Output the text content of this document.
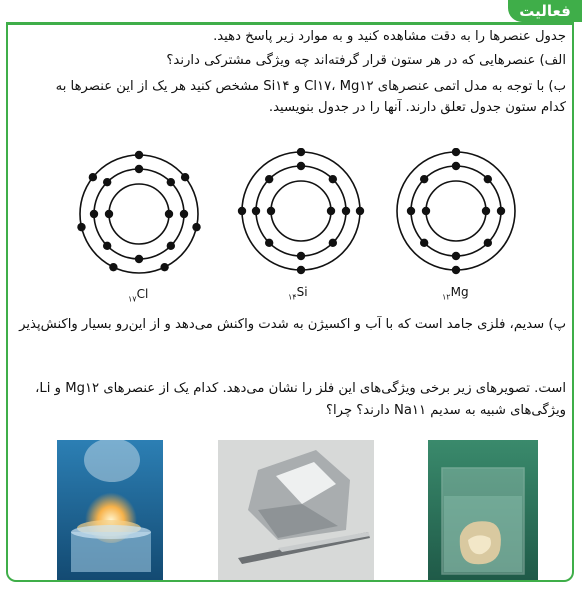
فعالیت
جدول عنصرها را به دقت مشاهده کنید و به موارد زیر پاسخ دهید.
الف) عنصرهایی که در هر ستون قرار گرفته‌اند چه ویژگی مشترکی دارند؟
ب) با توجه به مدل اتمی عنصرهای Cl۱۷، Mg۱۲ و Si۱۴ مشخص کنید هر یک از این عنصرها به
کدام ستون جدول تعلق دارند. آنها را در جدول بنویسید.
$_{۱۷}$Cl	$_{۱۴}$Si	$_{۱۲}$Mg
پ) سدیم، فلزی جامد است که با آب و اکسیژن به شدت واکنش می‌دهد و از این‌رو بسیار واکنش‌پذیر
است. تصویرهای زیر برخی ویژگی‌های این فلز را نشان می‌دهد. کدام یک از عنصرهای Mg۱۲ و Li،
ویژگی‌های شبیه به سدیم Na۱۱ دارند؟ چرا؟
